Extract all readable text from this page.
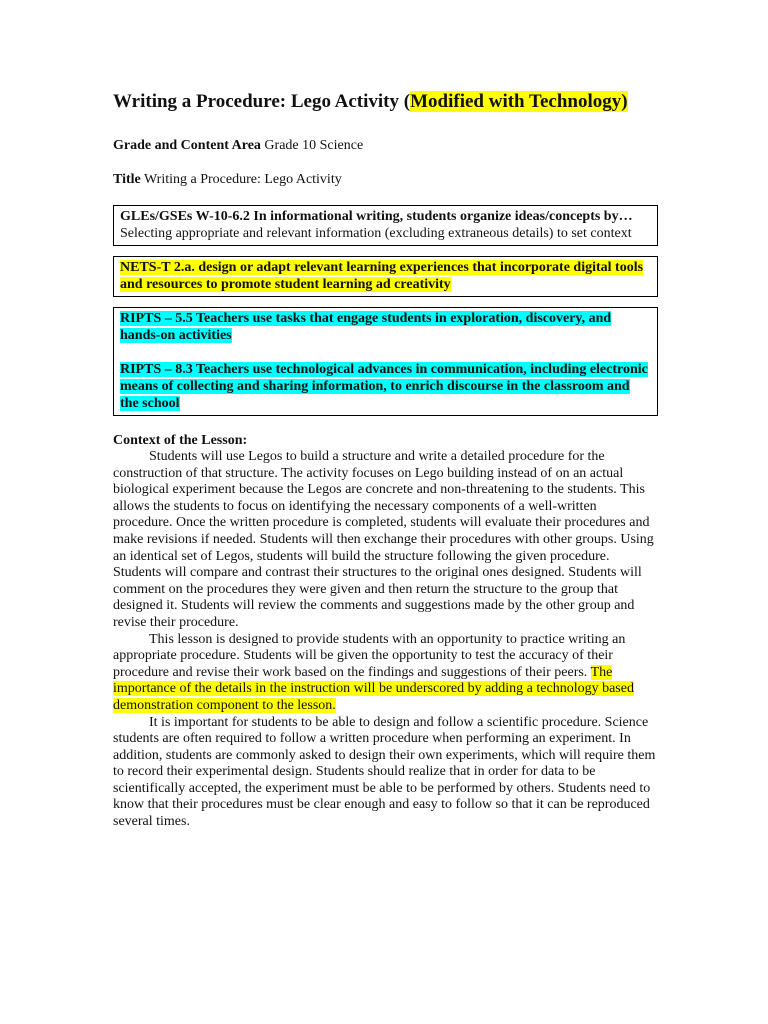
Writing a Procedure: Lego Activity (Modified with Technology)

Grade and Content Area Grade 10 Science

Title Writing a Procedure: Lego Activity

GLEs/GSEs W-10-6.2 In informational writing, students organize ideas/concepts by…Selecting appropriate and relevant information (excluding extraneous details) to set context

NETS-T 2.a. design or adapt relevant learning experiences that incorporate digital tools and resources to promote student learning ad creativity

RIPTS – 5.5 Teachers use tasks that engage students in exploration, discovery, and hands-on activities

RIPTS – 8.3 Teachers use technological advances in communication, including electronic means of collecting and sharing information, to enrich discourse in the classroom and the school

Context of the Lesson:

Students will use Legos to build a structure and write a detailed procedure for the construction of that structure. The activity focuses on Lego building instead of on an actual biological experiment because the Legos are concrete and non-threatening to the students. This allows the students to focus on identifying the necessary components of a well-written procedure. Once the written procedure is completed, students will evaluate their procedures and make revisions if needed. Students will then exchange their procedures with other groups. Using an identical set of Legos, students will build the structure following the given procedure. Students will compare and contrast their structures to the original ones designed. Students will comment on the procedures they were given and then return the structure to the group that designed it. Students will review the comments and suggestions made by the other group and revise their procedure.

This lesson is designed to provide students with an opportunity to practice writing an appropriate procedure. Students will be given the opportunity to test the accuracy of their procedure and revise their work based on the findings and suggestions of their peers. The importance of the details in the instruction will be underscored by adding a technology based demonstration component to the lesson.

It is important for students to be able to design and follow a scientific procedure. Science students are often required to follow a written procedure when performing an experiment. In addition, students are commonly asked to design their own experiments, which will require them to record their experimental design. Students should realize that in order for data to be scientifically accepted, the experiment must be able to be performed by others. Students need to know that their procedures must be clear enough and easy to follow so that it can be reproduced several times.
